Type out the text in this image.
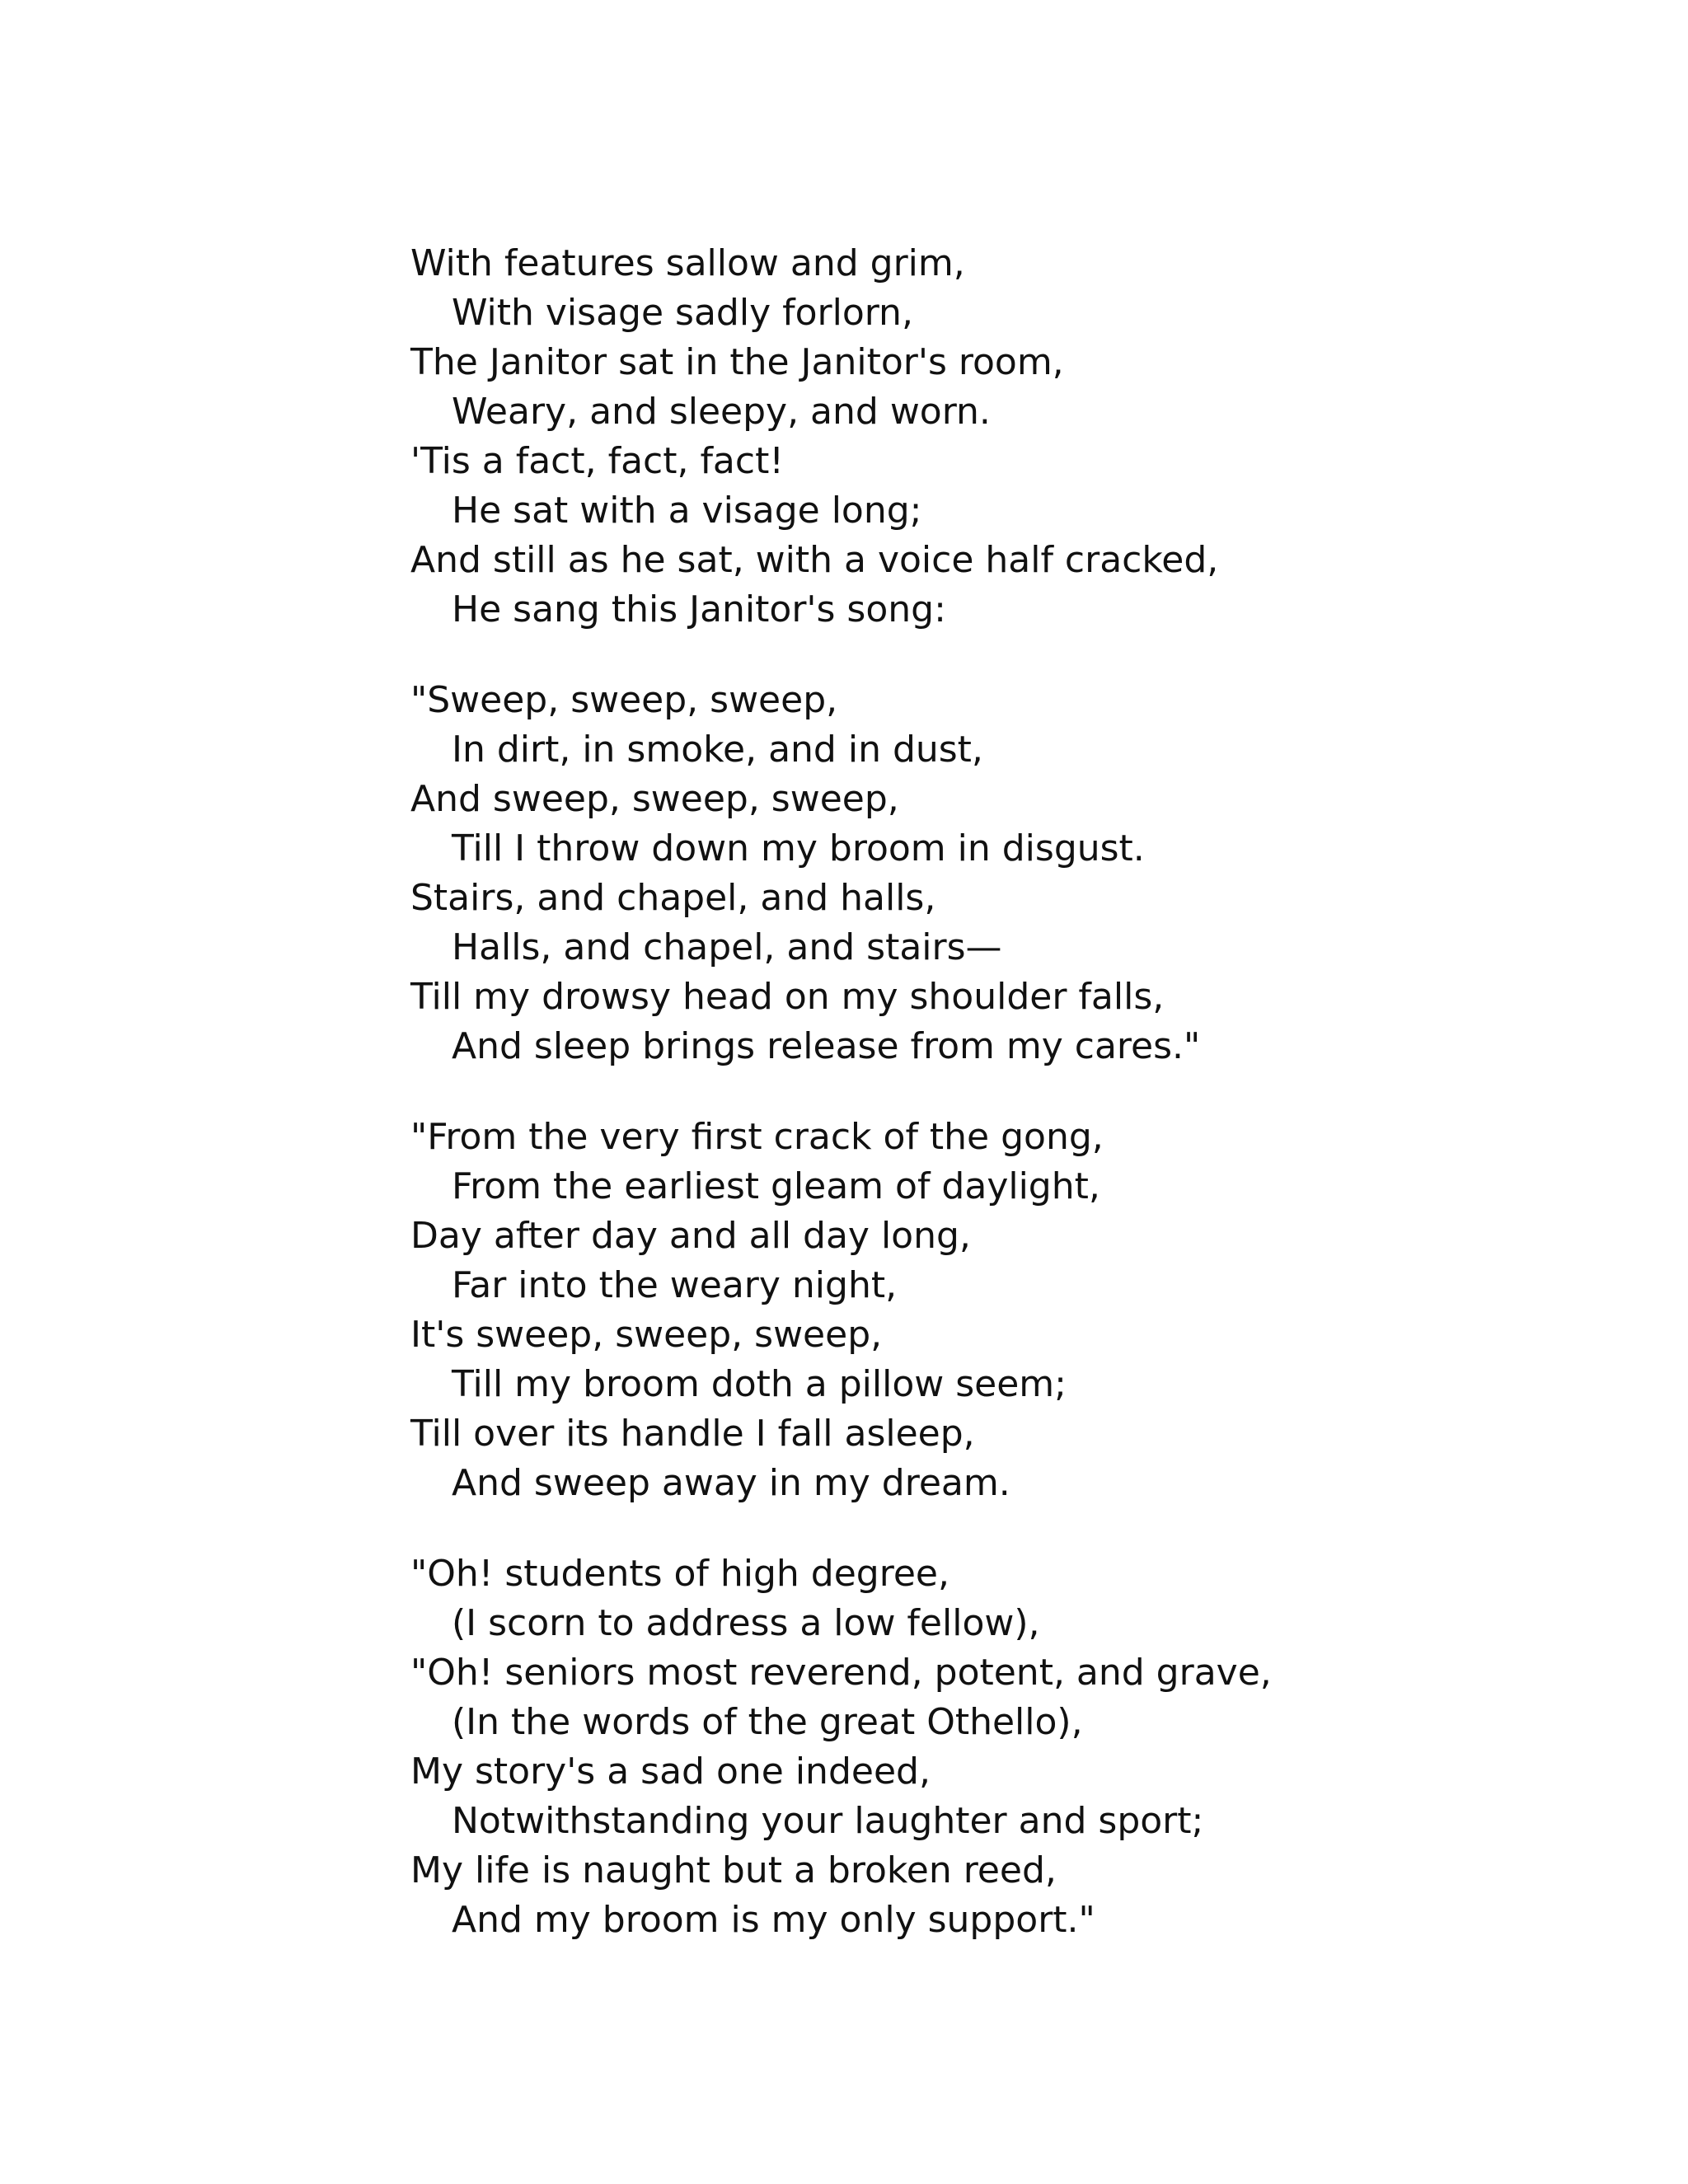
With features sallow and grim,
With visage sadly forlorn,
The Janitor sat in the Janitor's room,
Weary, and sleepy, and worn.
'Tis a fact, fact, fact!
He sat with a visage long;
And still as he sat, with a voice half cracked,
He sang this Janitor's song:
"Sweep, sweep, sweep,
In dirt, in smoke, and in dust,
And sweep, sweep, sweep,
Till I throw down my broom in disgust.
Stairs, and chapel, and halls,
Halls, and chapel, and stairs—
Till my drowsy head on my shoulder falls,
And sleep brings release from my cares."
"From the very first crack of the gong,
From the earliest gleam of daylight,
Day after day and all day long,
Far into the weary night,
It's sweep, sweep, sweep,
Till my broom doth a pillow seem;
Till over its handle I fall asleep,
And sweep away in my dream.
"Oh! students of high degree,
(I scorn to address a low fellow),
"Oh! seniors most reverend, potent, and grave,
(In the words of the great Othello),
My story's a sad one indeed,
Notwithstanding your laughter and sport;
My life is naught but a broken reed,
And my broom is my only support."
